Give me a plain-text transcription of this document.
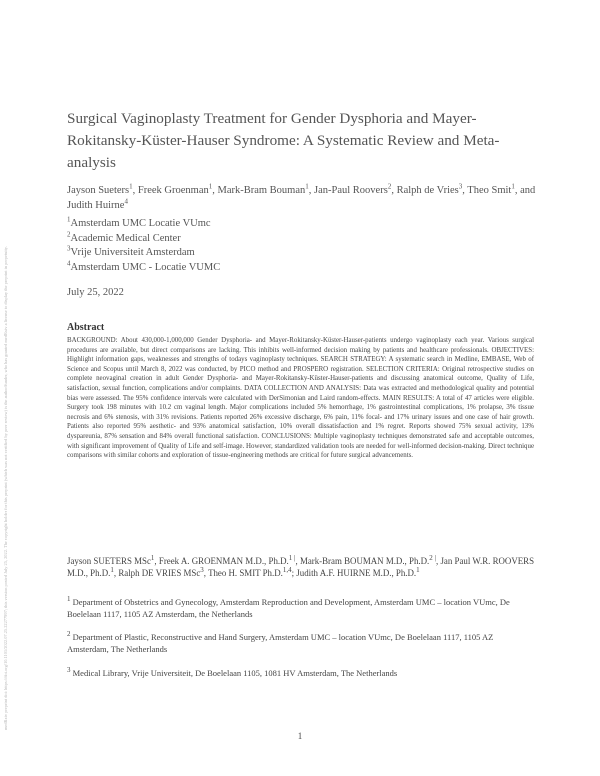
medRxiv preprint doi: https://doi.org/10.1101/2022.07.25.22277997; this version posted July 25, 2022. The copyright holder for this preprint (which was not certified by peer review) is the author/funder, who has granted medRxiv a license to display the preprint in perpetuity.
Surgical Vaginoplasty Treatment for Gender Dysphoria and Mayer-Rokitansky-Küster-Hauser Syndrome: A Systematic Review and Meta-analysis

Jayson Sueters$^1$, Freek Groenman$^1$, Mark-Bram Bouman$^1$, Jan-Paul Roovers$^2$, Ralph de Vries$^3$, Theo Smit$^1$, and Judith Huirne$^4$

$^1$Amsterdam UMC Locatie VUmc
$^2$Academic Medical Center
$^3$Vrije Universiteit Amsterdam
$^4$Amsterdam UMC - Locatie VUMC
July 25, 2022
Abstract

BACKGROUND: About 430,000-1,000,000 Gender Dysphoria- and Mayer-Rokitansky-Küster-Hauser-patients undergo vaginoplasty each year. Various surgical procedures are available, but direct comparisons are lacking. This inhibits well-informed decision making by patients and healthcare professionals. OBJECTIVES: Highlight information gaps, weaknesses and strengths of todays vaginoplasty techniques. SEARCH STRATEGY: A systematic search in Medline, EMBASE, Web of Science and Scopus until March 8, 2022 was conducted, by PICO method and PROSPERO registration. SELECTION CRITERIA: Original retrospective studies on complete neovaginal creation in adult Gender Dysphoria- and Mayer-Rokitansky-Küster-Hauser-patients and discussing anatomical outcome, Quality of Life, satisfaction, sexual function, complications and/or complaints. DATA COLLECTION AND ANALYSIS: Data was extracted and methodological quality and potential bias were assessed. The 95% confidence intervals were calculated with DerSimonian and Laird random-effects. MAIN RESULTS: A total of 47 articles were eligible. Surgery took 198 minutes with 10.2 cm vaginal length. Major complications included 5% hemorrhage, 1% gastrointestinal complications, 1% prolapse, 3% tissue necrosis and 6% stenosis, with 31% revisions. Patients reported 26% excessive discharge, 6% pain, 11% focal- and 17% urinary issues and one case of hair growth. Patients also reported 95% aesthetic- and 93% anatomical satisfaction, 10% overall dissatisfaction and 1% regret. Reports showed 75% sexual activity, 13% dyspareunia, 87% sensation and 84% overall functional satisfaction. CONCLUSIONS: Multiple vaginoplasty techniques demonstrated safe and acceptable outcomes, with significant improvement of Quality of Life and self-image. However, standardized validation tools are needed for well-informed decision-making. Direct technique comparisons with similar cohorts and exploration of tissue-engineering methods are critical for future surgical advancements.

Jayson SUETERS MSc$^1$, Freek A. GROENMAN M.D., Ph.D.$^{1 |}$, Mark-Bram BOUMAN M.D., Ph.D.$^{2 |}$, Jan Paul W.R. ROOVERS M.D., Ph.D.$^1$, Ralph DE VRIES MSc$^3$, Theo H. SMIT Ph.D.$^{1,4}$; Judith A.F. HUIRNE M.D., Ph.D.$^1$

$^1$ Department of Obstetrics and Gynecology, Amsterdam Reproduction and Development, Amsterdam UMC – location VUmc, De Boelelaan 1117, 1105 AZ Amsterdam, the Netherlands

$^2$ Department of Plastic, Reconstructive and Hand Surgery, Amsterdam UMC – location VUmc, De Boelelaan 1117, 1105 AZ Amsterdam, The Netherlands

$^3$ Medical Library, Vrije Universiteit, De Boelelaan 1105, 1081 HV Amsterdam, The Netherlands

1
